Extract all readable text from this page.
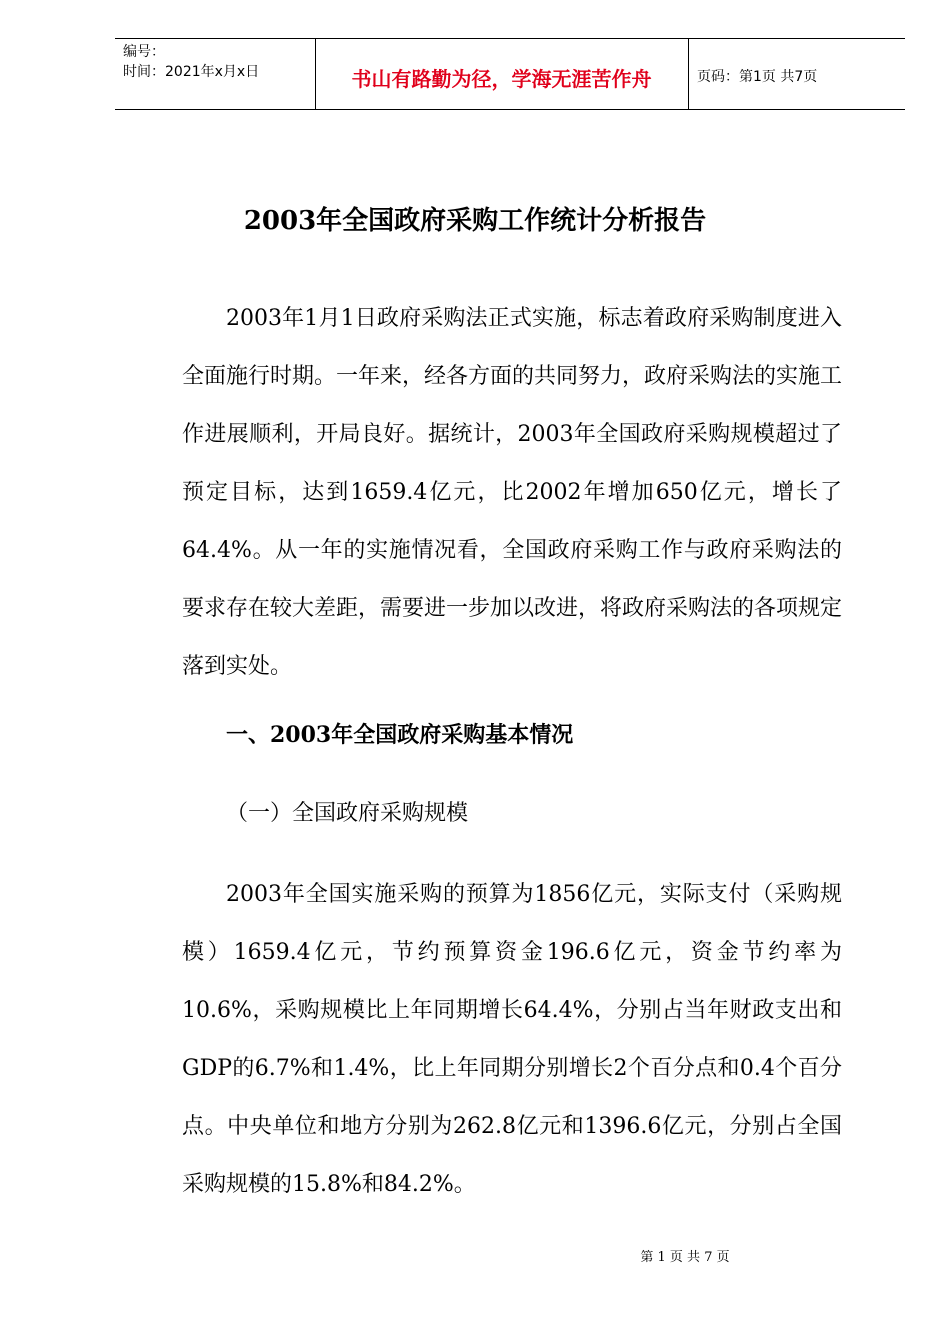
编号：
时间：2021年x月x日	书山有路勤为径，学海无涯苦作舟	页码：第1页 共7页
2003年全国政府采购工作统计分析报告

2003年1月1日政府采购法正式实施，标志着政府采购制度进入全面施行时期。一年来，经各方面的共同努力，政府采购法的实施工作进展顺利，开局良好。据统计，2003年全国政府采购规模超过了预定目标，达到1659.4亿元，比2002年增加650亿元，增长了64.4%。从一年的实施情况看，全国政府采购工作与政府采购法的要求存在较大差距，需要进一步加以改进，将政府采购法的各项规定落到实处。

一、2003年全国政府采购基本情况
（一）全国政府采购规模

2003年全国实施采购的预算为1856亿元，实际支付（采购规模）1659.4亿元，节约预算资金196.6亿元，资金节约率为10.6%，采购规模比上年同期增长64.4%，分别占当年财政支出和GDP的6.7%和1.4%，比上年同期分别增长2个百分点和0.4个百分点。中央单位和地方分别为262.8亿元和1396.6亿元，分别占全国采购规模的15.8%和84.2%。

第 1 页 共 7 页
